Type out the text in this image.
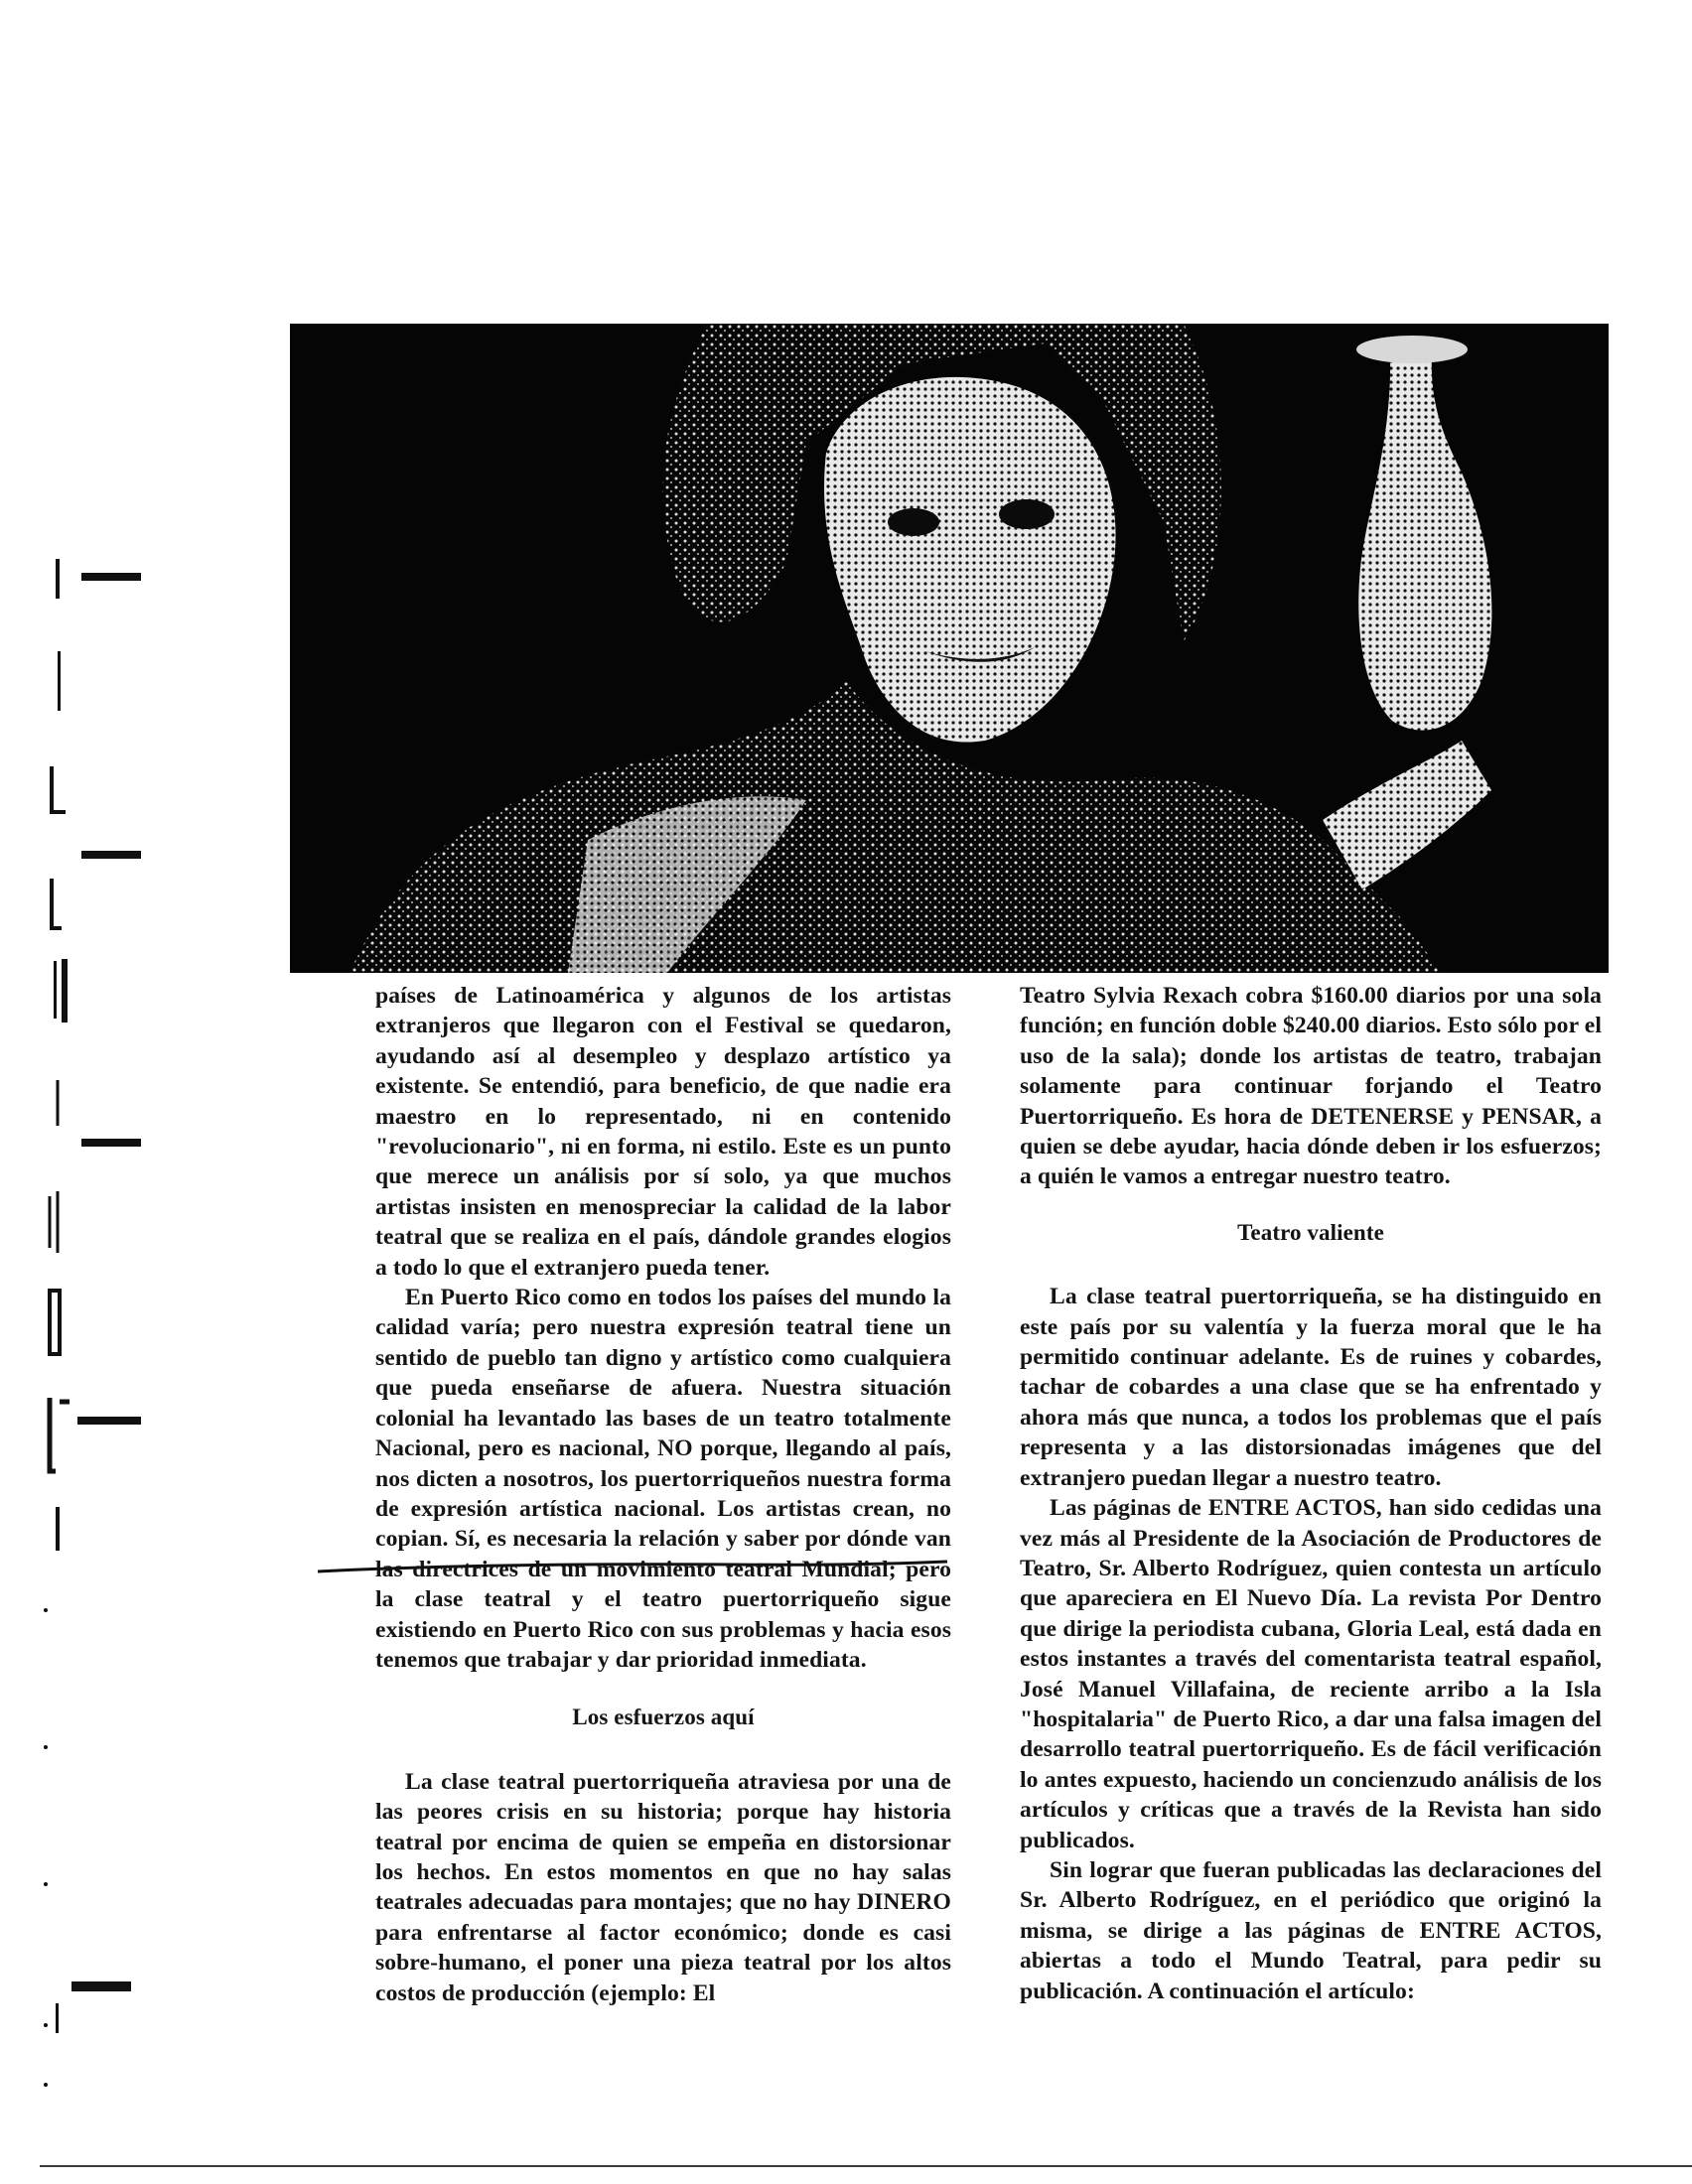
países de Latinoamérica y algunos de los artistas extranjeros que llegaron con el Festival se quedaron, ayudando así al desempleo y desplazo artístico ya existente. Se entendió, para beneficio, de que nadie era maestro en lo representado, ni en contenido "revolucionario", ni en forma, ni estilo. Este es un punto que merece un análisis por sí solo, ya que muchos artistas insisten en menospreciar la calidad de la labor teatral que se realiza en el país, dándole grandes elogios a todo lo que el extranjero pueda tener.

En Puerto Rico como en todos los países del mundo la calidad varía; pero nuestra expresión teatral tiene un sentido de pueblo tan digno y artístico como cualquiera que pueda enseñarse de afuera. Nuestra situación colonial ha levantado las bases de un teatro totalmente Nacional, pero es nacional, NO porque, llegando al país, nos dicten a nosotros, los puertorriqueños nuestra forma de expresión artística nacional. Los artistas crean, no copian. Sí, es necesaria la relación y saber por dónde van las directrices de un movimiento teatral Mundial; pero la clase teatral y el teatro puertorriqueño sigue existiendo en Puerto Rico con sus problemas y hacia esos tenemos que trabajar y dar prioridad inmediata.

Los esfuerzos aquí

La clase teatral puertorriqueña atraviesa por una de las peores crisis en su historia; porque hay historia teatral por encima de quien se empeña en distorsionar los hechos. En estos momentos en que no hay salas teatrales adecuadas para montajes; que no hay DINERO para enfrentarse al factor económico; donde es casi sobre-humano, el poner una pieza teatral por los altos costos de producción (ejemplo: El

Teatro Sylvia Rexach cobra $160.00 diarios por una sola función; en función doble $240.00 diarios. Esto sólo por el uso de la sala); donde los artistas de teatro, trabajan solamente para continuar forjando el Teatro Puertorriqueño. Es hora de DETENERSE y PENSAR, a quien se debe ayudar, hacia dónde deben ir los esfuerzos; a quién le vamos a entregar nuestro teatro.

Teatro valiente

La clase teatral puertorriqueña, se ha distinguido en este país por su valentía y la fuerza moral que le ha permitido continuar adelante. Es de ruines y cobardes, tachar de cobardes a una clase que se ha enfrentado y ahora más que nunca, a todos los problemas que el país representa y a las distorsionadas imágenes que del extranjero puedan llegar a nuestro teatro.

Las páginas de ENTRE ACTOS, han sido cedidas una vez más al Presidente de la Asociación de Productores de Teatro, Sr. Alberto Rodríguez, quien contesta un artículo que apareciera en El Nuevo Día. La revista Por Dentro que dirige la periodista cubana, Gloria Leal, está dada en estos instantes a través del comentarista teatral español, José Manuel Villafaina, de reciente arribo a la Isla "hospitalaria" de Puerto Rico, a dar una falsa imagen del desarrollo teatral puertorriqueño. Es de fácil verificación lo antes expuesto, haciendo un concienzudo análisis de los artículos y críticas que a través de la Revista han sido publicados.

Sin lograr que fueran publicadas las declaraciones del Sr. Alberto Rodríguez, en el periódico que originó la misma, se dirige a las páginas de ENTRE ACTOS, abiertas a todo el Mundo Teatral, para pedir su publicación. A continuación el artículo:
